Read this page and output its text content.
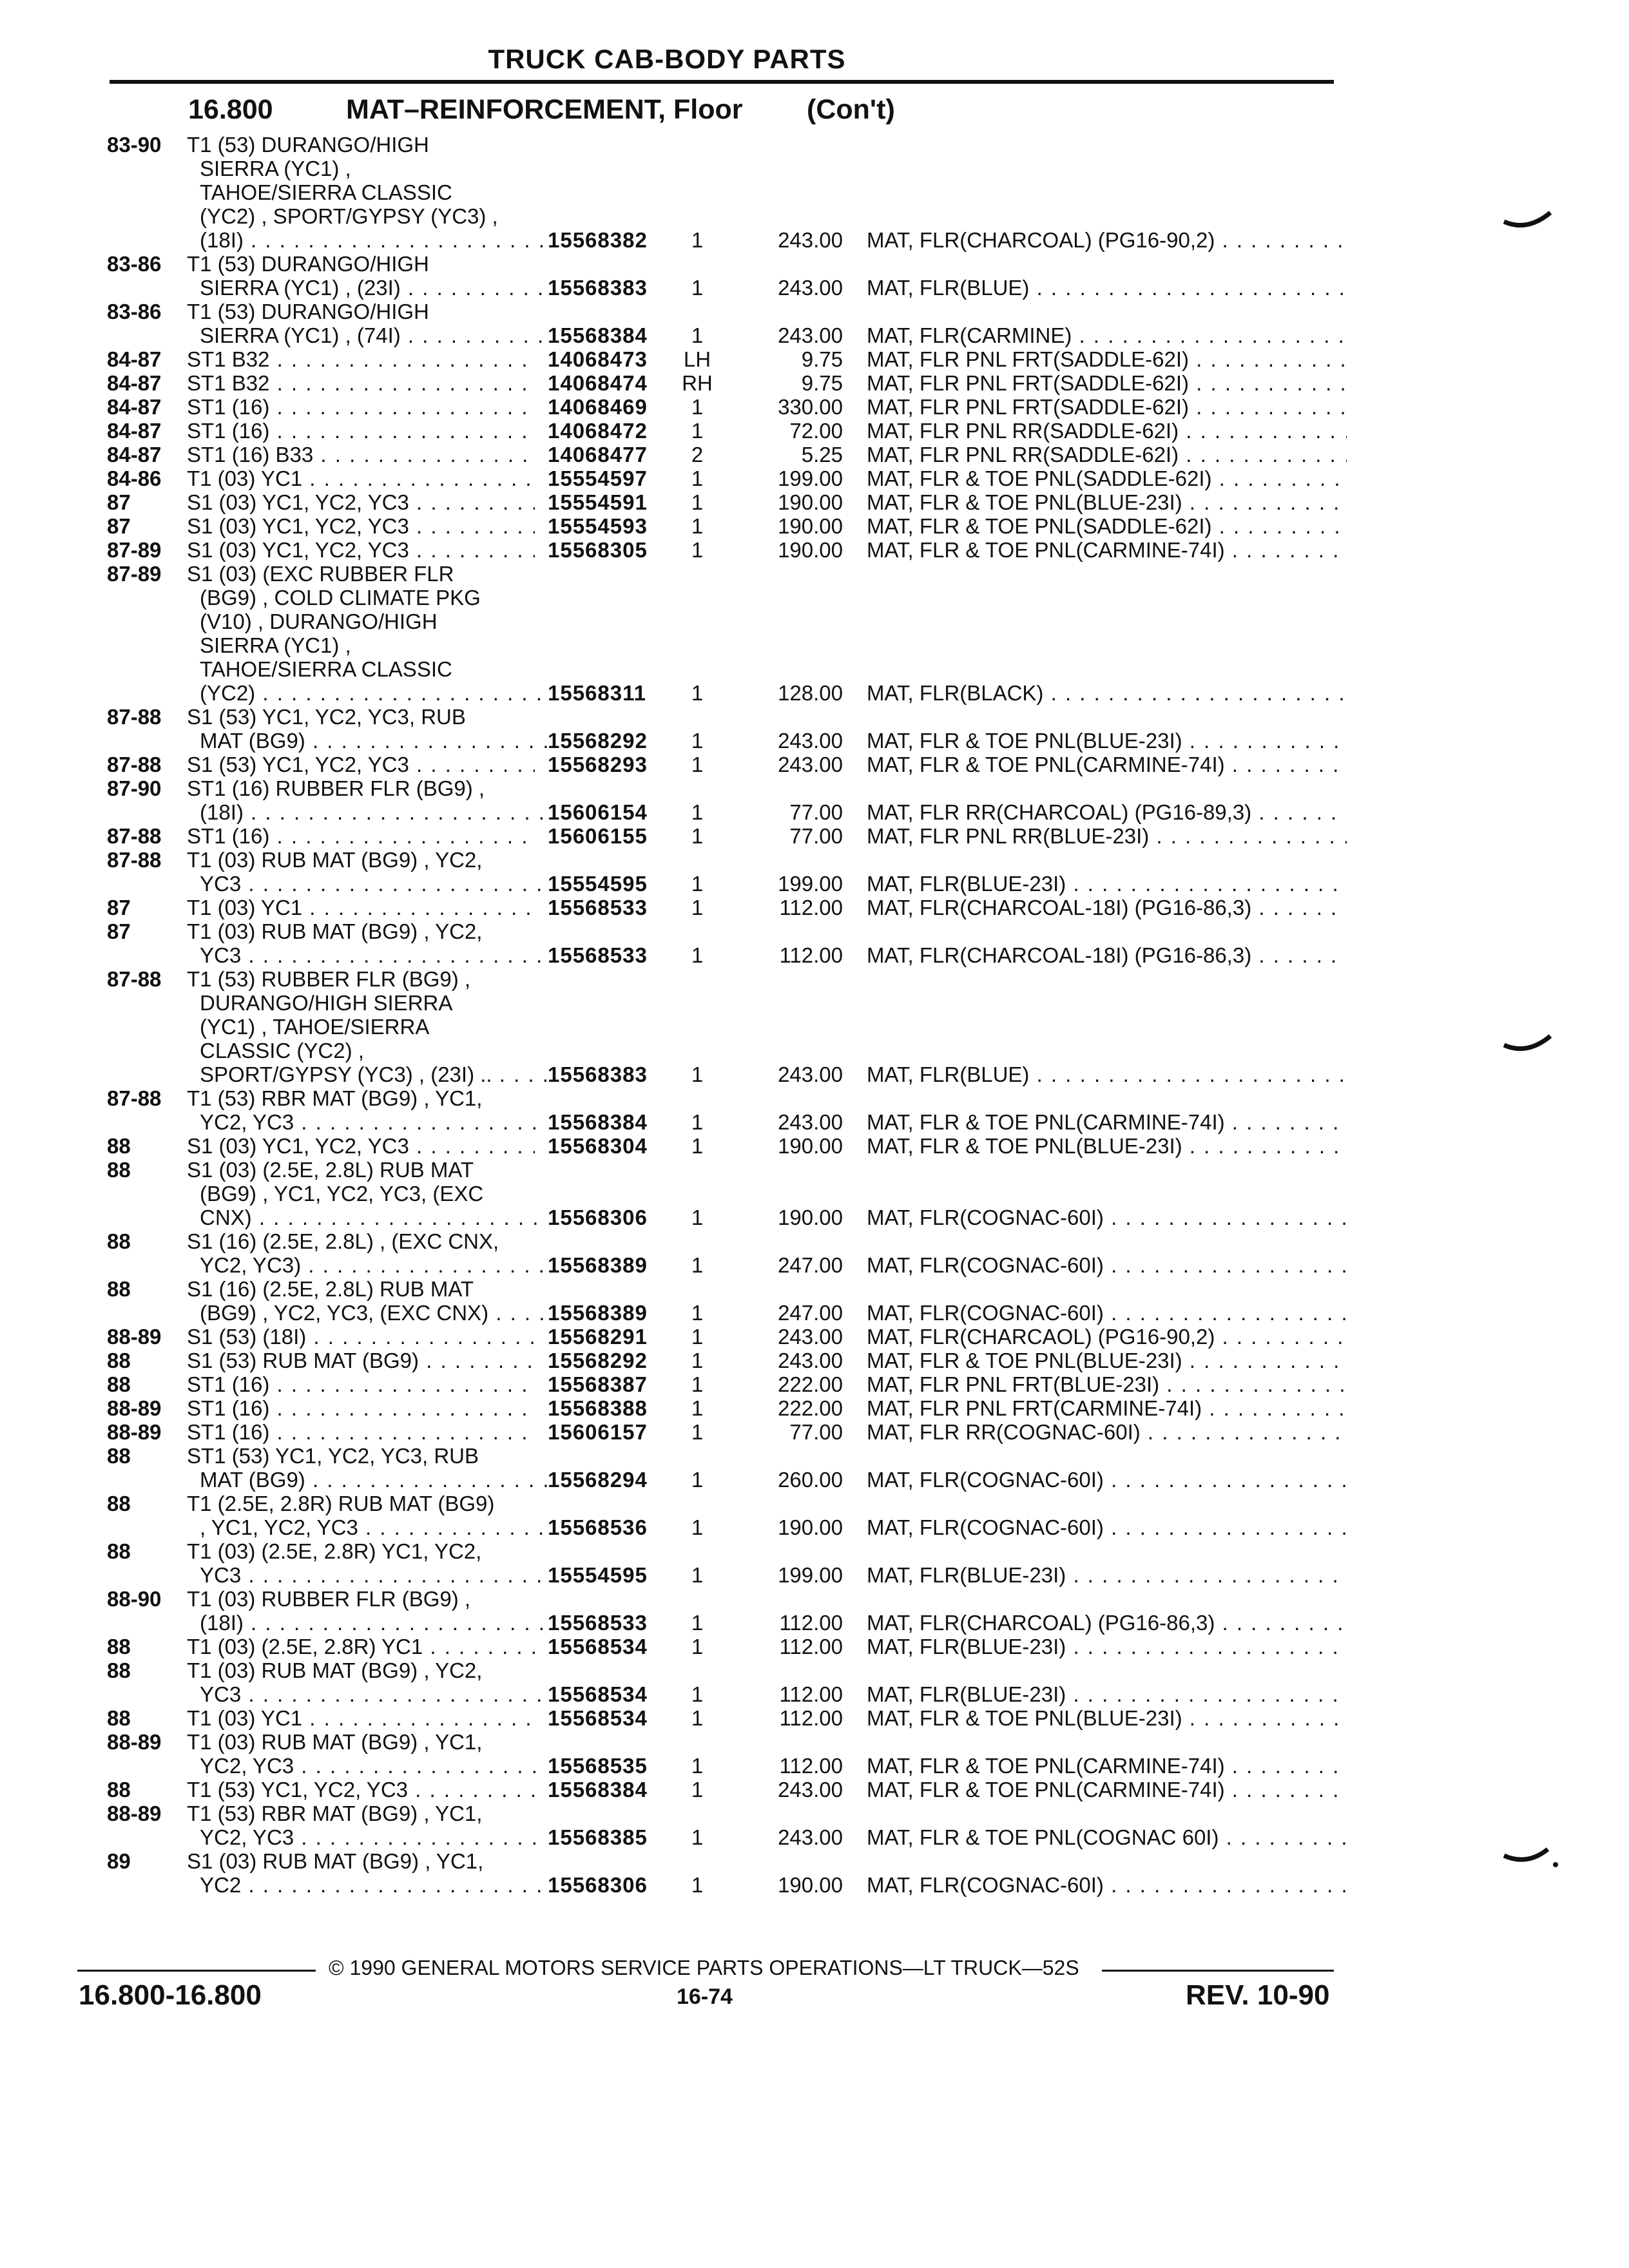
TRUCK CAB-BODY PARTS
16.800	MAT–REINFORCEMENT, Floor (Con't)
83-90	T1 (53) DURANGO/HIGH
SIERRA (YC1) ,
TAHOE/SIERRA CLASSIC
(YC2) , SPORT/GYPSY (YC3) ,
(18I) . . .	15568382	1	243.00 MAT, FLR(CHARCOAL) (PG16-90,2) . . .
83-86	T1 (53) DURANGO/HIGH
SIERRA (YC1) , (23I) . . .	15568383	1	243.00 MAT, FLR(BLUE) . . .
83-86	T1 (53) DURANGO/HIGH
SIERRA (YC1) , (74I) . . .	15568384	1	243.00 MAT, FLR(CARMINE) . . .
84-87	ST1 B32 . . .	14068473 LH	9.75 MAT, FLR PNL FRT(SADDLE-62I) . . .
84-87	ST1 B32 . . .	14068474 RH	9.75 MAT, FLR PNL FRT(SADDLE-62I) . . .
84-87	ST1 (16) . . .	14068469	1	330.00 MAT, FLR PNL FRT(SADDLE-62I) . . .
84-87	ST1 (16) . . .	14068472	1	72.00 MAT, FLR PNL RR(SADDLE-62I) . . .
84-87	ST1 (16) B33 . . .	14068477	2	5.25 MAT, FLR PNL RR(SADDLE-62I) . . .
84-86	T1 (03) YC1 . . .	15554597	1	199.00 MAT, FLR & TOE PNL(SADDLE-62I) . . .
87	S1 (03) YC1, YC2, YC3 . . .	15554591	1	190.00 MAT, FLR & TOE PNL(BLUE-23I) . . .
87	S1 (03) YC1, YC2, YC3 . . .	15554593	1	190.00 MAT, FLR & TOE PNL(SADDLE-62I) . . .
87-89	S1 (03) YC1, YC2, YC3 . . .	15568305	1	190.00 MAT, FLR & TOE PNL(CARMINE-74I) . . .
87-89	S1 (03) (EXC RUBBER FLR
(BG9) , COLD CLIMATE PKG
(V10) , DURANGO/HIGH
SIERRA (YC1) ,
TAHOE/SIERRA CLASSIC
(YC2) . . .	15568311	1	128.00 MAT, FLR(BLACK) . . .
87-88	S1 (53) YC1, YC2, YC3, RUB
MAT (BG9) . . .	15568292	1	243.00 MAT, FLR & TOE PNL(BLUE-23I) . . .
87-88	S1 (53) YC1, YC2, YC3 . . .	15568293	1	243.00 MAT, FLR & TOE PNL(CARMINE-74I) . . .
87-90	ST1 (16) RUBBER FLR (BG9) ,
(18I) . . .	15606154	1	77.00 MAT, FLR RR(CHARCOAL) (PG16-89,3) . . .
87-88	ST1 (16) . . .	15606155	1	77.00 MAT, FLR PNL RR(BLUE-23I) . . .
87-88	T1 (03) RUB MAT (BG9) , YC2,
YC3 . . .	15554595	1	199.00 MAT, FLR(BLUE-23I) . . .
87	T1 (03) YC1 . . .	15568533	1	112.00 MAT, FLR(CHARCOAL-18I) (PG16-86,3) . . .
87	T1 (03) RUB MAT (BG9) , YC2,
YC3 . . .	15568533	1	112.00 MAT, FLR(CHARCOAL-18I) (PG16-86,3) . . .
87-88	T1 (53) RUBBER FLR (BG9) ,
DURANGO/HIGH SIERRA
(YC1) , TAHOE/SIERRA
CLASSIC (YC2) ,
SPORT/GYPSY (YC3) , (23I) .. . . .	15568383	1	243.00 MAT, FLR(BLUE) . . .
87-88	T1 (53) RBR MAT (BG9) , YC1,
YC2, YC3 . . .	15568384	1	243.00 MAT, FLR & TOE PNL(CARMINE-74I) . . .
88	S1 (03) YC1, YC2, YC3 . . .	15568304	1	190.00 MAT, FLR & TOE PNL(BLUE-23I) . . .
88	S1 (03) (2.5E, 2.8L) RUB MAT
(BG9) , YC1, YC2, YC3, (EXC
CNX) . . .	15568306	1	190.00 MAT, FLR(COGNAC-60I) . . .
88	S1 (16) (2.5E, 2.8L) , (EXC CNX,
YC2, YC3) . . .	15568389	1	247.00 MAT, FLR(COGNAC-60I) . . .
88	S1 (16) (2.5E, 2.8L) RUB MAT
(BG9) , YC2, YC3, (EXC CNX) . . .	15568389	1	247.00 MAT, FLR(COGNAC-60I) . . .
88-89	S1 (53) (18I) . . .	15568291	1	243.00 MAT, FLR(CHARCAOL) (PG16-90,2) . . .
88	S1 (53) RUB MAT (BG9) . . .	15568292	1	243.00 MAT, FLR & TOE PNL(BLUE-23I) . . .
88	ST1 (16) . . .	15568387	1	222.00 MAT, FLR PNL FRT(BLUE-23I) . . .
88-89	ST1 (16) . . .	15568388	1	222.00 MAT, FLR PNL FRT(CARMINE-74I) . . .
88-89	ST1 (16) . . .	15606157	1	77.00 MAT, FLR RR(COGNAC-60I) . . .
88	ST1 (53) YC1, YC2, YC3, RUB
MAT (BG9) . . .	15568294	1	260.00 MAT, FLR(COGNAC-60I) . . .
88	T1 (2.5E, 2.8R) RUB MAT (BG9)
, YC1, YC2, YC3 . . .	15568536	1	190.00 MAT, FLR(COGNAC-60I) . . .
88	T1 (03) (2.5E, 2.8R) YC1, YC2,
YC3 . . .	15554595	1	199.00 MAT, FLR(BLUE-23I) . . .
88-90	T1 (03) RUBBER FLR (BG9) ,
(18I) . . .	15568533	1	112.00 MAT, FLR(CHARCOAL) (PG16-86,3) . . .
88	T1 (03) (2.5E, 2.8R) YC1 . . .	15568534	1	112.00 MAT, FLR(BLUE-23I) . . .
88	T1 (03) RUB MAT (BG9) , YC2,
YC3 . . .	15568534	1	112.00 MAT, FLR(BLUE-23I) . . .
88	T1 (03) YC1 . . .	15568534	1	112.00 MAT, FLR & TOE PNL(BLUE-23I) . . .
88-89	T1 (03) RUB MAT (BG9) , YC1,
YC2, YC3 . . .	15568535	1	112.00 MAT, FLR & TOE PNL(CARMINE-74I) . . .
88	T1 (53) YC1, YC2, YC3 . . .	15568384	1	243.00 MAT, FLR & TOE PNL(CARMINE-74I) . . .
88-89	T1 (53) RBR MAT (BG9) , YC1,
YC2, YC3 . . .	15568385	1	243.00 MAT, FLR & TOE PNL(COGNAC 60I) . . .
89	S1 (03) RUB MAT (BG9) , YC1,
YC2 . . .	15568306	1	190.00 MAT, FLR(COGNAC-60I) . . .
© 1990 GENERAL MOTORS SERVICE PARTS OPERATIONS—LT TRUCK—52S
16.800-16.800	16-74	REV. 10-90
